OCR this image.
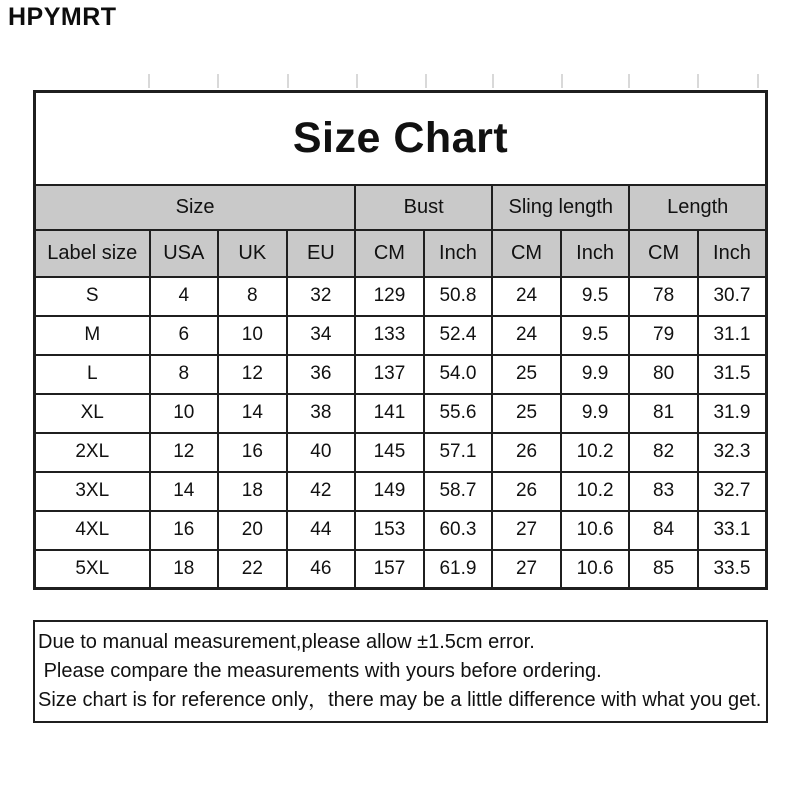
HPYMRT
Size Chart									
Size				Bust		Sling length		Length	
Label size	USA	UK	EU	CM	Inch	CM	Inch	CM	Inch
S	4	8	32	129	50.8	24	9.5	78	30.7
M	6	10	34	133	52.4	24	9.5	79	31.1
L	8	12	36	137	54.0	25	9.9	80	31.5
XL	10	14	38	141	55.6	25	9.9	81	31.9
2XL	12	16	40	145	57.1	26	10.2	82	32.3
3XL	14	18	42	149	58.7	26	10.2	83	32.7
4XL	16	20	44	153	60.3	27	10.6	84	33.1
5XL	18	22	46	157	61.9	27	10.6	85	33.5
Due to manual measurement,please allow ±1.5cm error.
Please compare the measurements with yours before ordering.
Size chart is for reference only，there may be a little difference with what you get.
